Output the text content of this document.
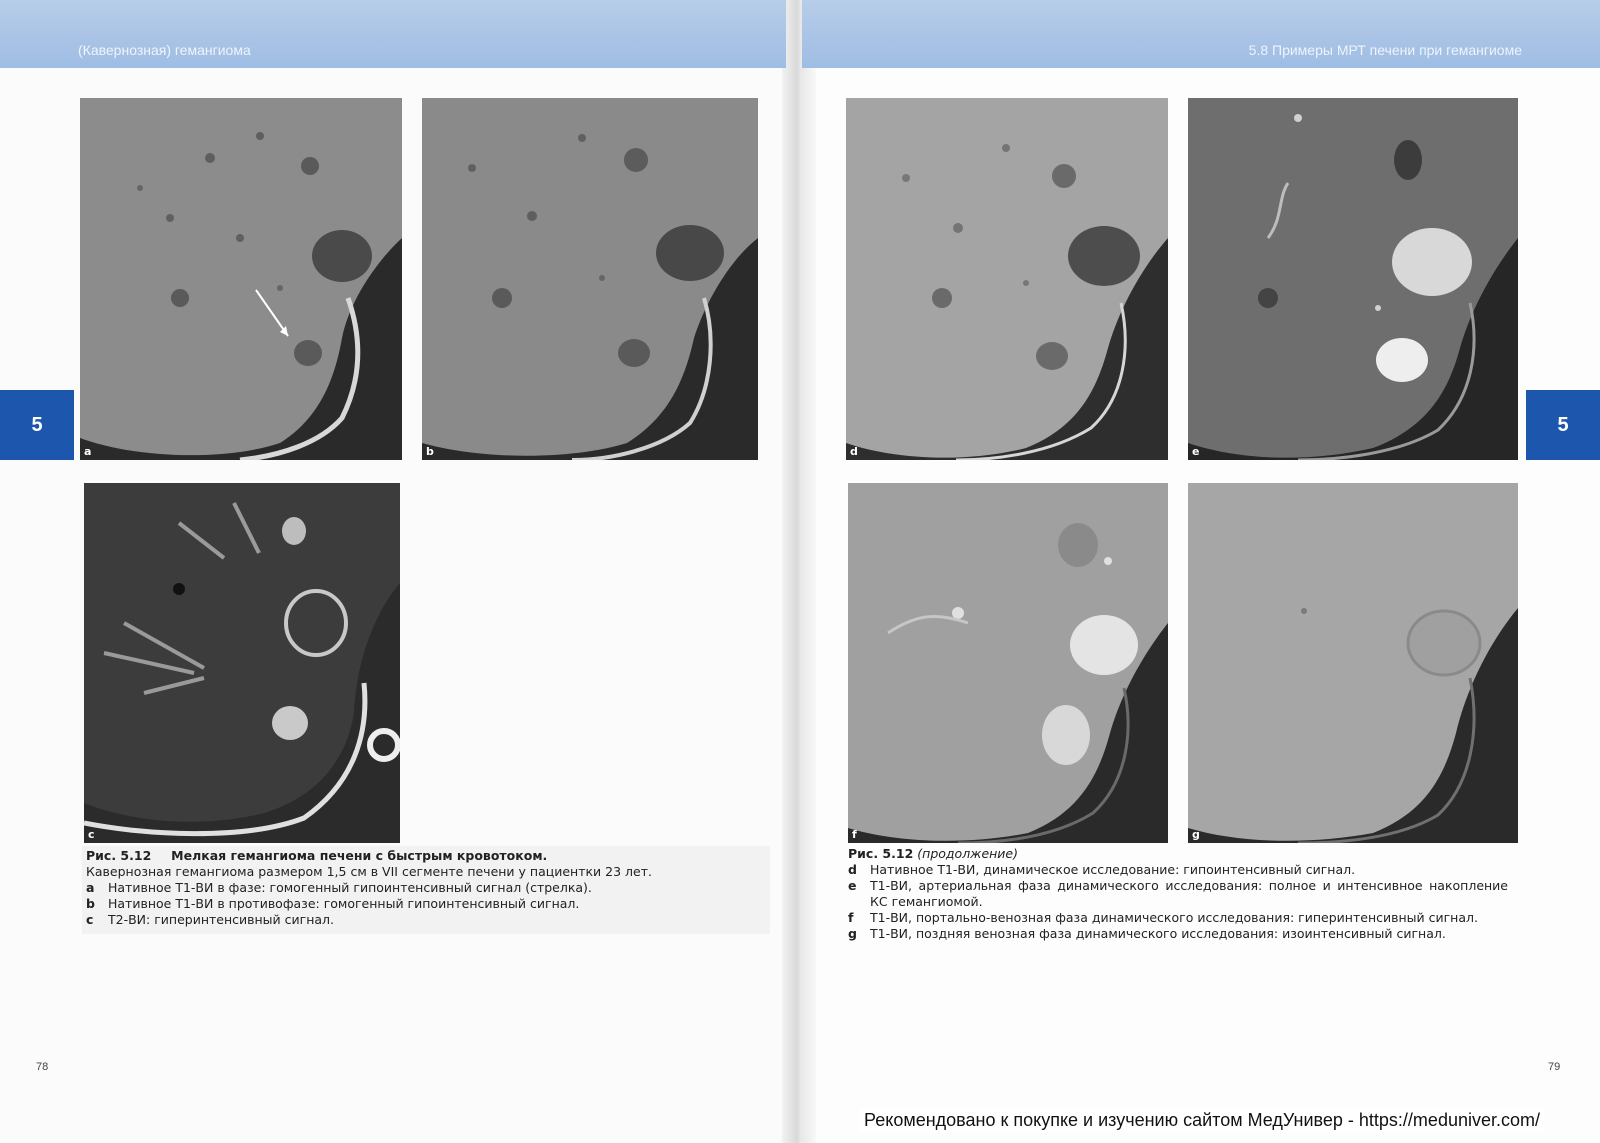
(Кавернозная) гемангиома	5.8 Примеры МРТ печени при гемангиоме
5	5
a	b
c
d	e
f	g
Рис. 5.12 Мелкая гемангиома печени с быстрым кровотоком.
Кавернозная гемангиома размером 1,5 см в VII сегменте печени у пациентки 23 лет.
a	Нативное Т1-ВИ в фазе: гомогенный гипоинтенсивный сигнал (стрелка).
b	Нативное Т1-ВИ в противофазе: гомогенный гипоинтенсивный сигнал.
c	Т2-ВИ: гиперинтенсивный сигнал.
Рис. 5.12 (продолжение)
d	Нативное Т1-ВИ, динамическое исследование: гипоинтенсивный сигнал.
e	Т1-ВИ, артериальная фаза динамического исследования: полное и интенсивное накопление КС гемангиомой.
f	Т1-ВИ, портально-венозная фаза динамического исследования: гиперинтенсивный сигнал.
g	Т1-ВИ, поздняя венозная фаза динамического исследования: изоинтенсивный сигнал.
78	79
Рекомендовано к покупке и изучению сайтом МедУнивер - https://meduniver.com/
